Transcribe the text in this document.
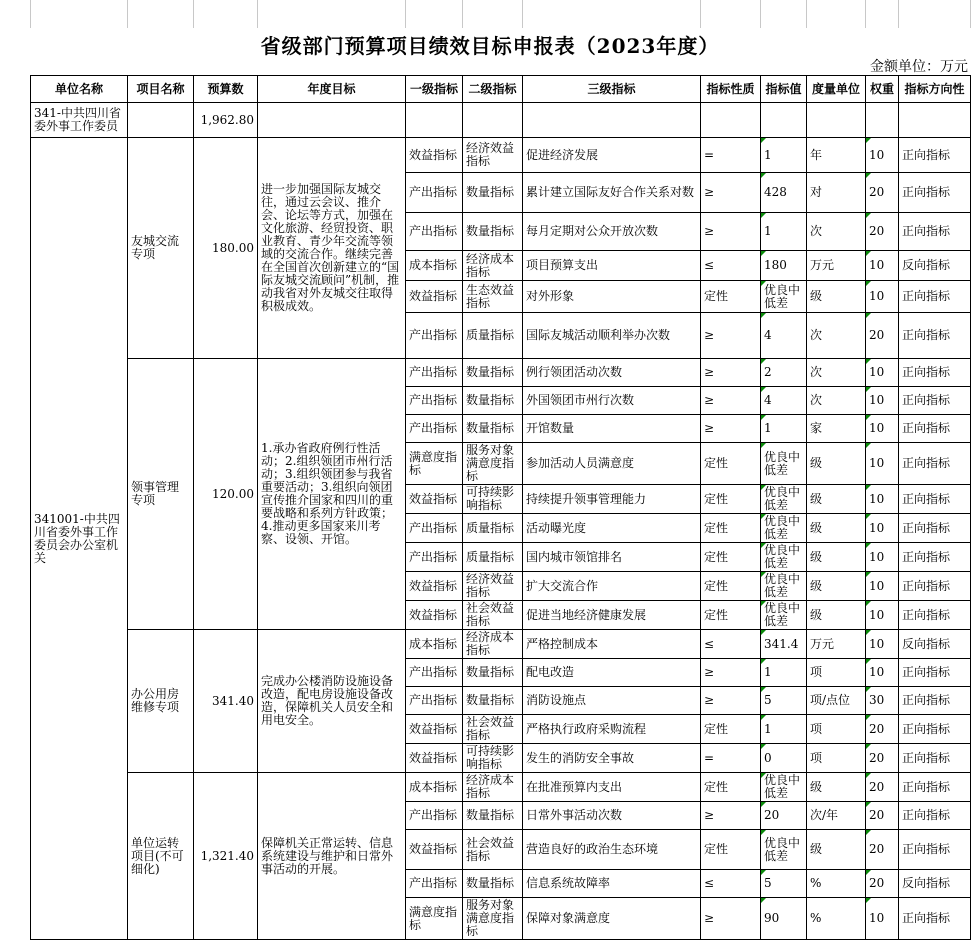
省级部门预算项目绩效目标申报表（2023年度）
金额单位：万元
单位名称	项目名称	预算数	年度目标	一级指标	二级指标	三级指标	指标性质	指标值	度量单位	权重	指标方向性
341-中共四川省委外事工作委员		1,962.80									
341001-中共四川省委外事工作委员会办公室机关	友城交流专项	180.00	进一步加强国际友城交往，通过云会议、推介会、论坛等方式，加强在文化旅游、经贸投资、职业教育、青少年交流等领域的交流合作。继续完善在全国首次创新建立的“国际友城交流顾问”机制，推动我省对外友城交往取得积极成效。	效益指标	经济效益指标	促进经济发展	=	1	年	10	正向指标
				产出指标	数量指标	累计建立国际友好合作关系对数	≥	428	对	20	正向指标
				产出指标	数量指标	每月定期对公众开放次数	≥	1	次	20	正向指标
				成本指标	经济成本指标	项目预算支出	≤	180	万元	10	反向指标
				效益指标	生态效益指标	对外形象	定性	优良中低差	级	10	正向指标
				产出指标	质量指标	国际友城活动顺利举办次数	≥	4	次	20	正向指标
	领事管理专项	120.00	1.承办省政府例行性活动；2.组织领团市州行活动；3.组织领团参与我省重要活动；3.组织向领团宣传推介国家和四川的重要战略和系列方针政策；4.推动更多国家来川考察、设领、开馆。	产出指标	数量指标	例行领团活动次数	≥	2	次	10	正向指标
				产出指标	数量指标	外国领团市州行次数	≥	4	次	10	正向指标
				产出指标	数量指标	开馆数量	≥	1	家	10	正向指标
				满意度指标	服务对象满意度指标	参加活动人员满意度	定性	优良中低差	级	10	正向指标
				效益指标	可持续影响指标	持续提升领事管理能力	定性	优良中低差	级	10	正向指标
				产出指标	质量指标	活动曝光度	定性	优良中低差	级	10	正向指标
				产出指标	质量指标	国内城市领馆排名	定性	优良中低差	级	10	正向指标
				效益指标	经济效益指标	扩大交流合作	定性	优良中低差	级	10	正向指标
				效益指标	社会效益指标	促进当地经济健康发展	定性	优良中低差	级	10	正向指标
	办公用房维修专项	341.40	完成办公楼消防设施设备改造，配电房设施设备改造，保障机关人员安全和用电安全。	成本指标	经济成本指标	严格控制成本	≤	341.4	万元	10	反向指标
				产出指标	数量指标	配电改造	≥	1	项	10	正向指标
				产出指标	数量指标	消防设施点	≥	5	项/点位	30	正向指标
				效益指标	社会效益指标	严格执行政府采购流程	定性	1	项	20	正向指标
				效益指标	可持续影响指标	发生的消防安全事故	=	0	项	20	正向指标
	单位运转项目(不可细化)	1,321.40	保障机关正常运转、信息系统建设与维护和日常外事活动的开展。	成本指标	经济成本指标	在批准预算内支出	定性	优良中低差	级	20	正向指标
				产出指标	数量指标	日常外事活动次数	≥	20	次/年	20	正向指标
				效益指标	社会效益指标	营造良好的政治生态环境	定性	优良中低差	级	20	正向指标
				产出指标	数量指标	信息系统故障率	≤	5	%	20	反向指标
				满意度指标	服务对象满意度指标	保障对象满意度	≥	90	%	10	正向指标
